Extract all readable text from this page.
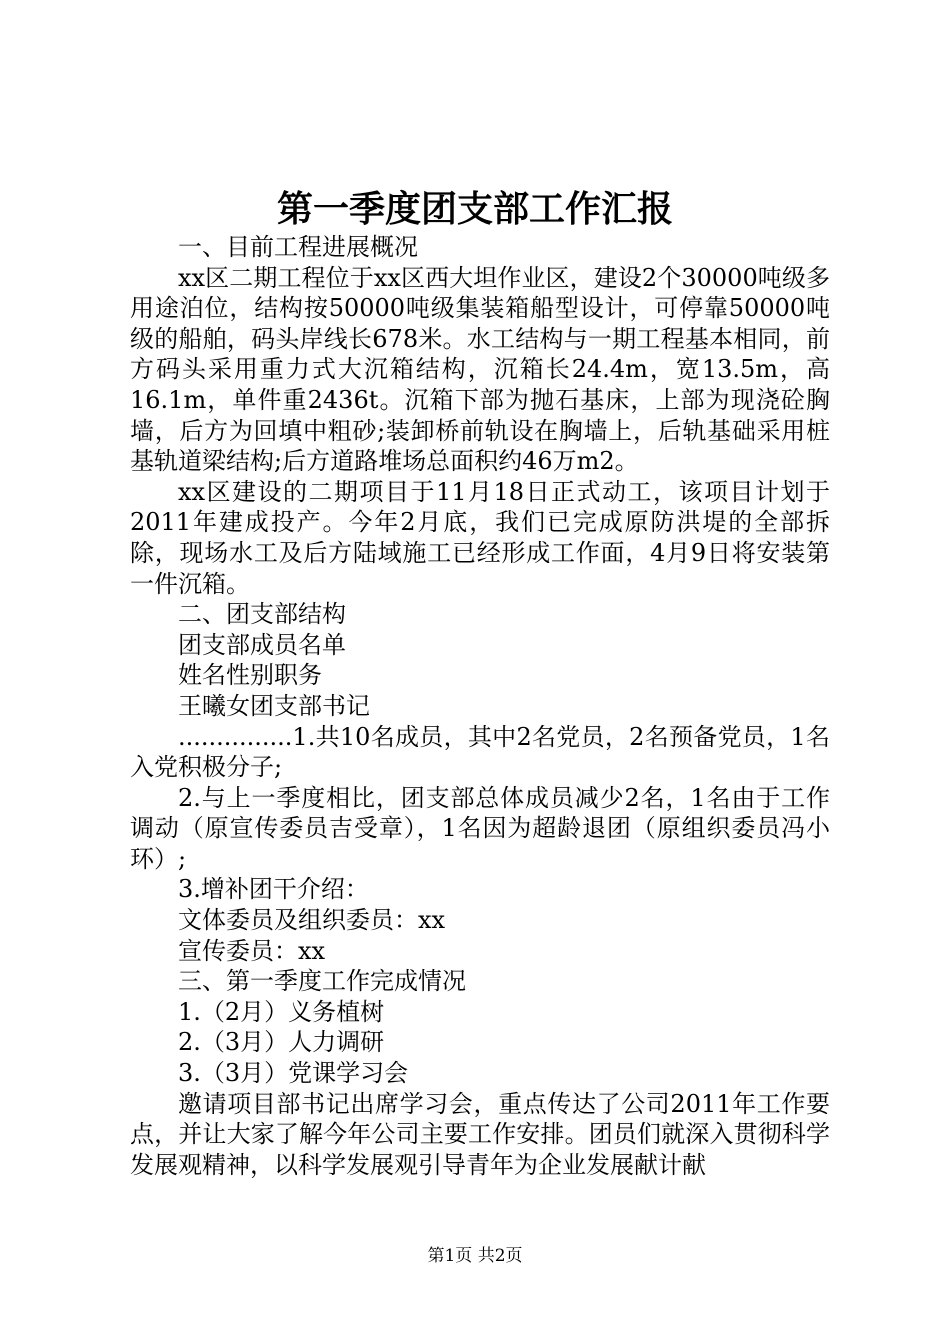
第一季度团支部工作汇报

一、目前工程进展概况

xx区二期工程位于xx区西大坦作业区，建设2个30000吨级多用途泊位，结构按50000吨级集装箱船型设计，可停靠50000吨级的船舶，码头岸线长678米。水工结构与一期工程基本相同，前方码头采用重力式大沉箱结构，沉箱长24.4m，宽13.5m，高16.1m，单件重2436t。沉箱下部为抛石基床，上部为现浇砼胸墙，后方为回填中粗砂;装卸桥前轨设在胸墙上，后轨基础采用桩基轨道梁结构;后方道路堆场总面积约46万m2。

xx区建设的二期项目于11月18日正式动工，该项目计划于2011年建成投产。今年2月底，我们已完成原防洪堤的全部拆除，现场水工及后方陆域施工已经形成工作面，4月9日将安装第一件沉箱。

二、团支部结构

团支部成员名单

姓名性别职务

王曦女团支部书记

...............1.共10名成员，其中2名党员，2名预备党员，1名入党积极分子;

2.与上一季度相比，团支部总体成员减少2名，1名由于工作调动（原宣传委员吉受章），1名因为超龄退团（原组织委员冯小环）;

3.增补团干介绍：

文体委员及组织委员：xx

宣传委员：xx

三、第一季度工作完成情况

1.（2月）义务植树

2.（3月）人力调研

3.（3月）党课学习会

邀请项目部书记出席学习会，重点传达了公司2011年工作要点，并让大家了解今年公司主要工作安排。团员们就深入贯彻科学发展观精神，以科学发展观引导青年为企业发展献计献

第1页 共2页
